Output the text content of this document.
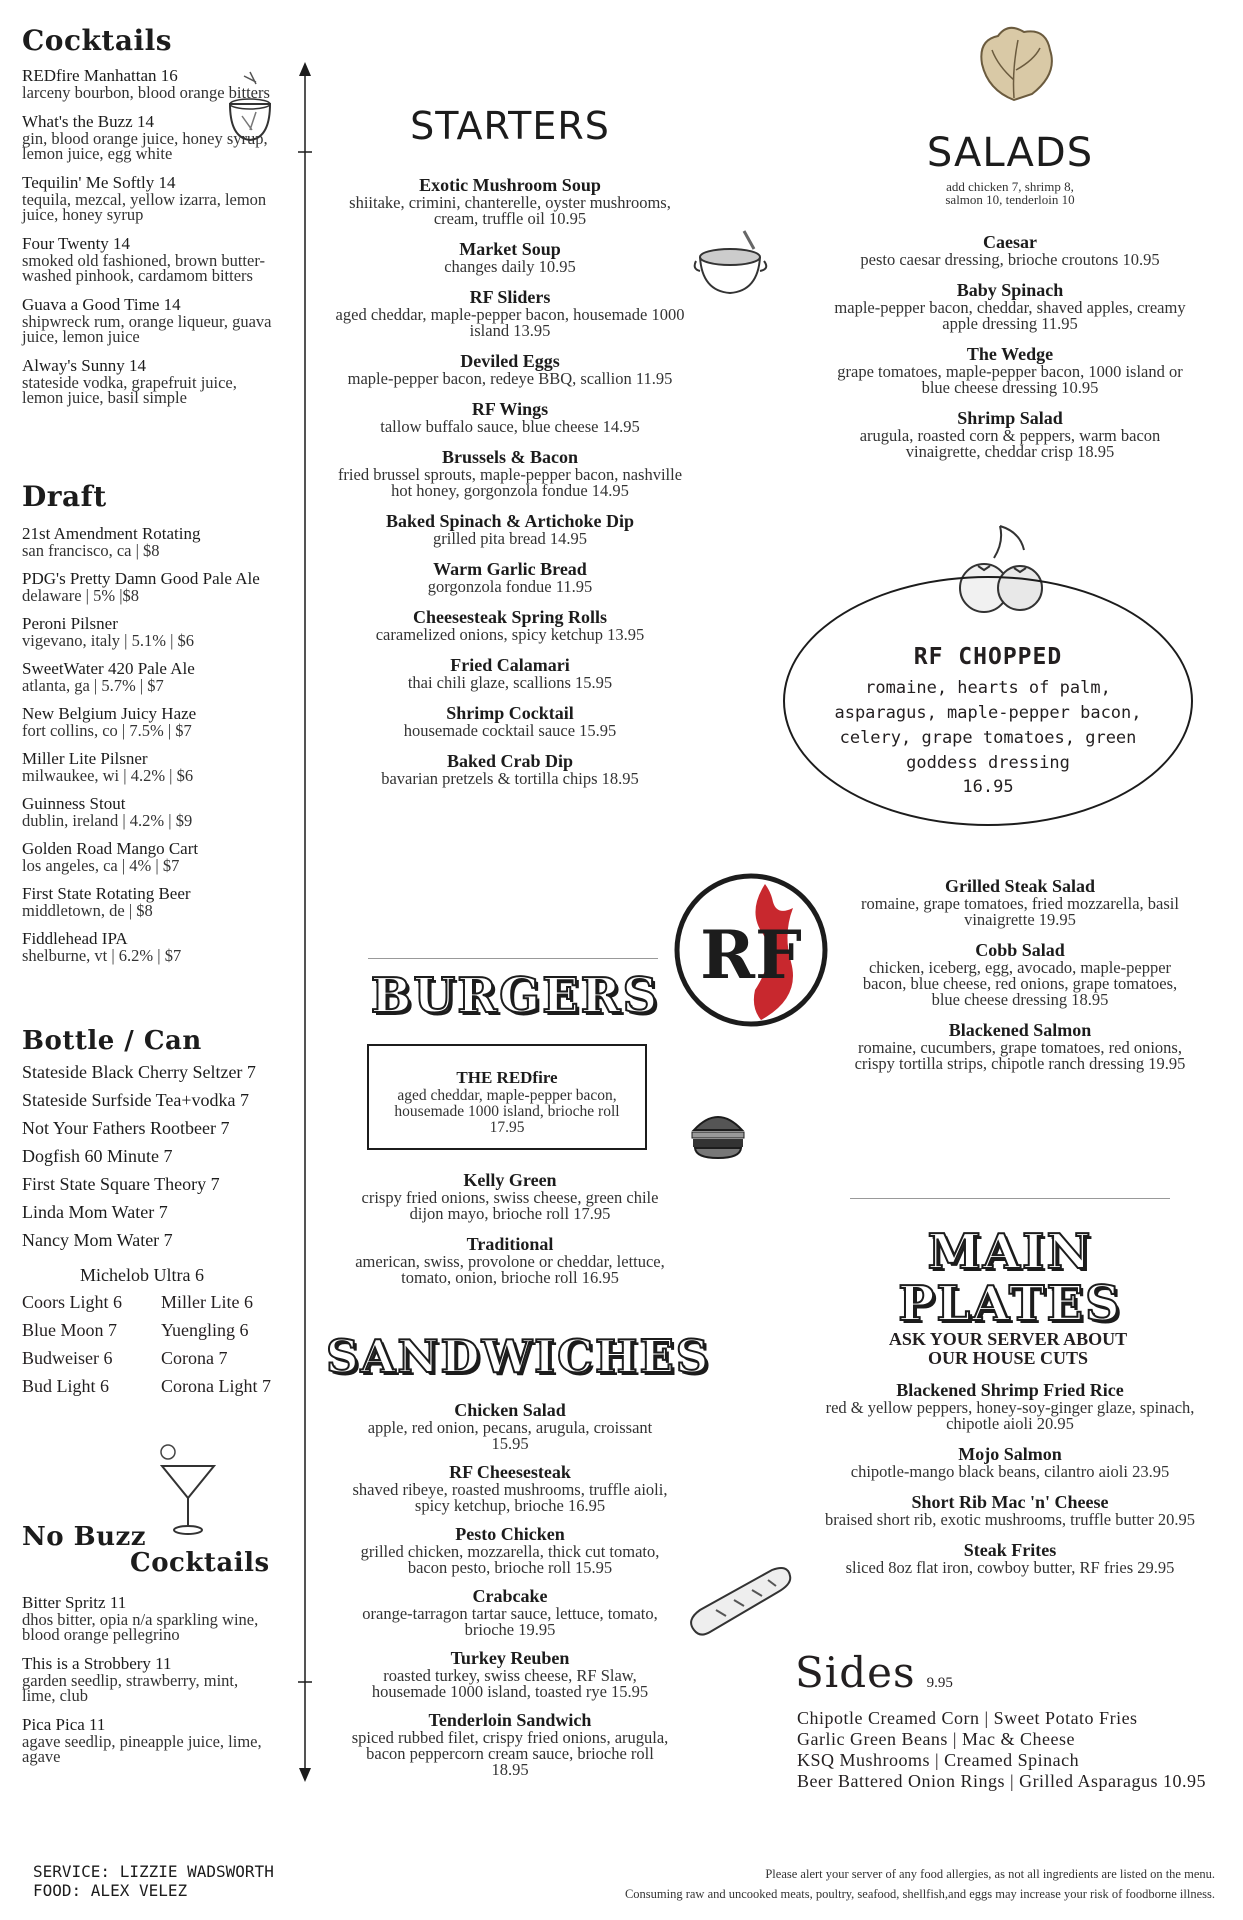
Cocktails
REDfire Manhattan 16
larceny bourbon, blood orange bitters
What's the Buzz 14
gin, blood orange juice, honey syrup, lemon juice, egg white
Tequilin' Me Softly 14
tequila, mezcal, yellow izarra, lemon juice, honey syrup
Four Twenty 14
smoked old fashioned, brown butter-washed pinhook, cardamom bitters
Guava a Good Time 14
shipwreck rum, orange liqueur, guava juice, lemon juice
Alway's Sunny 14
stateside vodka, grapefruit juice, lemon juice, basil simple
Draft
21st Amendment Rotating
san francisco, ca | $8
PDG's Pretty Damn Good Pale Ale
delaware | 5% |$8
Peroni Pilsner
vigevano, italy | 5.1% | $6
SweetWater 420 Pale Ale
atlanta, ga | 5.7% | $7
New Belgium Juicy Haze
fort collins, co | 7.5% | $7
Miller Lite Pilsner
milwaukee, wi | 4.2% | $6
Guinness Stout
dublin, ireland | 4.2% | $9
Golden Road Mango Cart
los angeles, ca | 4% | $7
First State Rotating Beer
middletown, de | $8
Fiddlehead IPA
shelburne, vt | 6.2% | $7
Bottle / Can
Stateside Black Cherry Seltzer 7
Stateside Surfside Tea+vodka 7
Not Your Fathers Rootbeer 7
Dogfish 60 Minute 7
First State Square Theory 7
Linda Mom Water 7
Nancy Mom Water 7
Michelob Ultra 6
Coors Light 6	Miller Lite 6
Blue Moon 7	Yuengling 6
Budweiser 6	Corona 7
Bud Light 6	Corona Light 7
No Buzz
Cocktails
Bitter Spritz 11
dhos bitter, opia n/a sparkling wine, blood orange pellegrino
This is a Strobbery 11
garden seedlip, strawberry, mint, lime, club
Pica Pica 11
agave seedlip, pineapple juice, lime, agave
STARTERS
Exotic Mushroom Soup
shiitake, crimini, chanterelle, oyster mushrooms, cream, truffle oil 10.95
Market Soup
changes daily 10.95
RF Sliders
aged cheddar, maple-pepper bacon, housemade 1000 island 13.95
Deviled Eggs
maple-pepper bacon, redeye BBQ, scallion 11.95
RF Wings
tallow buffalo sauce, blue cheese 14.95
Brussels & Bacon
fried brussel sprouts, maple-pepper bacon, nashville hot honey, gorgonzola fondue 14.95
Baked Spinach & Artichoke Dip
grilled pita bread 14.95
Warm Garlic Bread
gorgonzola fondue 11.95
Cheesesteak Spring Rolls
caramelized onions, spicy ketchup 13.95
Fried Calamari
thai chili glaze, scallions 15.95
Shrimp Cocktail
housemade cocktail sauce 15.95
Baked Crab Dip
bavarian pretzels & tortilla chips 18.95
BURGERS
THE REDfire
aged cheddar, maple-pepper bacon, housemade 1000 island, brioche roll 17.95
Kelly Green
crispy fried onions, swiss cheese, green chile dijon mayo, brioche roll 17.95
Traditional
american, swiss, provolone or cheddar, lettuce, tomato, onion, brioche roll 16.95
SANDWICHES
Chicken Salad
apple, red onion, pecans, arugula, croissant 15.95
RF Cheesesteak
shaved ribeye, roasted mushrooms, truffle aioli, spicy ketchup, brioche 16.95
Pesto Chicken
grilled chicken, mozzarella, thick cut tomato, bacon pesto, brioche roll 15.95
Crabcake
orange-tarragon tartar sauce, lettuce, tomato, brioche 19.95
Turkey Reuben
roasted turkey, swiss cheese, RF Slaw, housemade 1000 island, toasted rye 15.95
Tenderloin Sandwich
spiced rubbed filet, crispy fried onions, arugula, bacon peppercorn cream sauce, brioche roll 18.95
SALADS
add chicken 7, shrimp 8, salmon 10, tenderloin 10
Caesar
pesto caesar dressing, brioche croutons 10.95
Baby Spinach
maple-pepper bacon, cheddar, shaved apples, creamy apple dressing 11.95
The Wedge
grape tomatoes, maple-pepper bacon, 1000 island or blue cheese dressing 10.95
Shrimp Salad
arugula, roasted corn & peppers, warm bacon vinaigrette, cheddar crisp 18.95
RF CHOPPED
romaine, hearts of palm, asparagus, maple-pepper bacon, celery, grape tomatoes, green goddess dressing
16.95
RF
Grilled Steak Salad
romaine, grape tomatoes, fried mozzarella, basil vinaigrette 19.95
Cobb Salad
chicken, iceberg, egg, avocado, maple-pepper bacon, blue cheese, red onions, grape tomatoes, blue cheese dressing 18.95
Blackened Salmon
romaine, cucumbers, grape tomatoes, red onions, crispy tortilla strips, chipotle ranch dressing 19.95
MAIN
PLATES
ASK YOUR SERVER ABOUT OUR HOUSE CUTS
Blackened Shrimp Fried Rice
red & yellow peppers, honey-soy-ginger glaze, spinach, chipotle aioli 20.95
Mojo Salmon
chipotle-mango black beans, cilantro aioli 23.95
Short Rib Mac 'n' Cheese
braised short rib, exotic mushrooms, truffle butter 20.95
Steak Frites
sliced 8oz flat iron, cowboy butter, RF fries 29.95
Sides 9.95
Chipotle Creamed Corn | Sweet Potato Fries
Garlic Green Beans | Mac & Cheese
KSQ Mushrooms | Creamed Spinach
Beer Battered Onion Rings | Grilled Asparagus 10.95
SERVICE: LIZZIE WADSWORTH
FOOD: ALEX VELEZ
Please alert your server of any food allergies, as not all ingredients are listed on the menu.
Consuming raw and uncooked meats, poultry, seafood, shellfish,and eggs may increase your risk of foodborne illness.
